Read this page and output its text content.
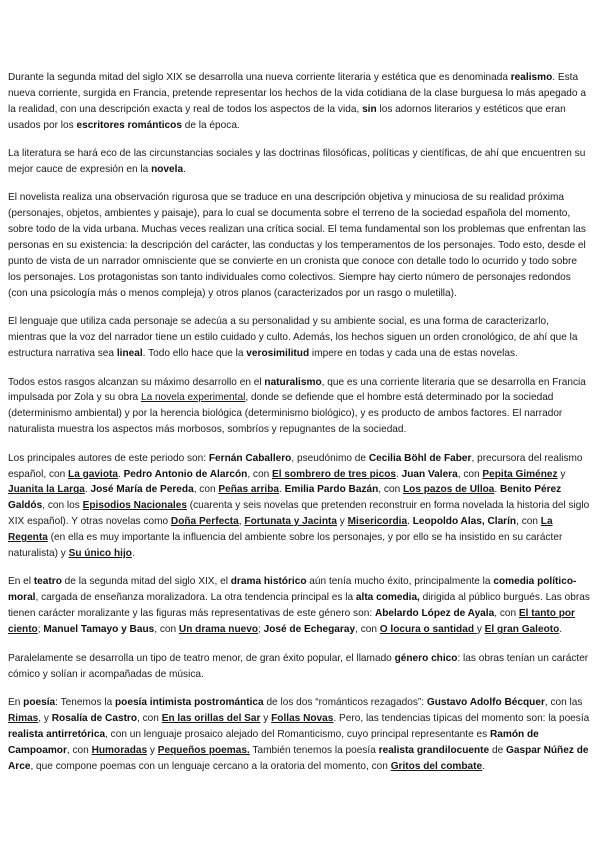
Durante la segunda mitad del siglo XIX se desarrolla una nueva corriente literaria y estética que es denominada realismo. Esta nueva corriente, surgida en Francia, pretende representar los hechos de la vida cotidiana de la clase burguesa lo más apegado a la realidad, con una descripción exacta y real de todos los aspectos de la vida, sin los adornos literarios y estéticos que eran usados por los escritores románticos de la época.

La literatura se hará eco de las circunstancias sociales y las doctrinas filosóficas, políticas y científicas, de ahí que encuentren su mejor cauce de expresión en la novela.

El novelista realiza una observación rigurosa que se traduce en una descripción objetiva y minuciosa de su realidad próxima (personajes, objetos, ambientes y paisaje), para lo cual se documenta sobre el terreno de la sociedad española del momento, sobre todo de la vida urbana. Muchas veces realizan una crítica social. El tema fundamental son los problemas que enfrentan las personas en su existencia: la descripción del carácter, las conductas y los temperamentos de los personajes. Todo esto, desde el punto de vista de un narrador omnisciente que se convierte en un cronista que conoce con detalle todo lo ocurrido y todo sobre los personajes. Los protagonistas son tanto individuales como colectivos. Siempre hay cierto número de personajes redondos (con una psicología más o menos compleja) y otros planos (caracterizados por un rasgo o muletilla).

El lenguaje que utiliza cada personaje se adecúa a su personalidad y su ambiente social, es una forma de caracterizarlo, mientras que la voz del narrador tiene un estilo cuidado y culto. Además, los hechos siguen un orden cronológico, de ahí que la estructura narrativa sea lineal. Todo ello hace que la verosimilitud impere en todas y cada una de estas novelas.

Todos estos rasgos alcanzan su máximo desarrollo en el naturalismo, que es una corriente literaria que se desarrolla en Francia impulsada por Zola y su obra La novela experimental, donde se defiende que el hombre está determinado por la sociedad (determinismo ambiental) y por la herencia biológica (determinismo biológico), y es producto de ambos factores. El narrador naturalista muestra los aspectos más morbosos, sombríos y repugnantes de la sociedad.

Los principales autores de este periodo son: Fernán Caballero, pseudónimo de Cecilia Böhl de Faber, precursora del realismo español, con La gaviota. Pedro Antonio de Alarcón, con El sombrero de tres picos. Juan Valera, con Pepita Giménez y Juanita la Larga. José María de Pereda, con Peñas arriba. Emilia Pardo Bazán, con Los pazos de Ulloa. Benito Pérez Galdós, con los Episodios Nacionales (cuarenta y seis novelas que pretenden reconstruir en forma novelada la historia del siglo XIX español). Y otras novelas como Doña Perfecta, Fortunata y Jacinta y Misericordia. Leopoldo Alas, Clarín, con La Regenta (en ella es muy importante la influencia del ambiente sobre los personajes, y por ello se ha insistido en su carácter naturalista) y Su único hijo.

En el teatro de la segunda mitad del siglo XIX, el drama histórico aún tenía mucho éxito, principalmente la comedia político-moral, cargada de enseñanza moralizadora. La otra tendencia principal es la alta comedia, dirigida al público burgués. Las obras tienen carácter moralizante y las figuras más representativas de este género son: Abelardo López de Ayala, con El tanto por ciento; Manuel Tamayo y Baus, con Un drama nuevo; José de Echegaray, con O locura o santidad y El gran Galeoto.

Paralelamente se desarrolla un tipo de teatro menor, de gran éxito popular, el llamado género chico: las obras tenían un carácter cómico y solían ir acompañadas de música.

En poesía: Tenemos la poesía intimista postromántica de los dos “románticos rezagados”: Gustavo Adolfo Bécquer, con las Rimas, y Rosalía de Castro, con En las orillas del Sar y Follas Novas. Pero, las tendencias típicas del momento son: la poesía realista antirretórica, con un lenguaje prosaico alejado del Romanticismo, cuyo principal representante es Ramón de Campoamor, con Humoradas y Pequeños poemas. También tenemos la poesía realista grandilocuente de Gaspar Núñez de Arce, que compone poemas con un lenguaje cercano a la oratoria del momento, con Gritos del combate.
